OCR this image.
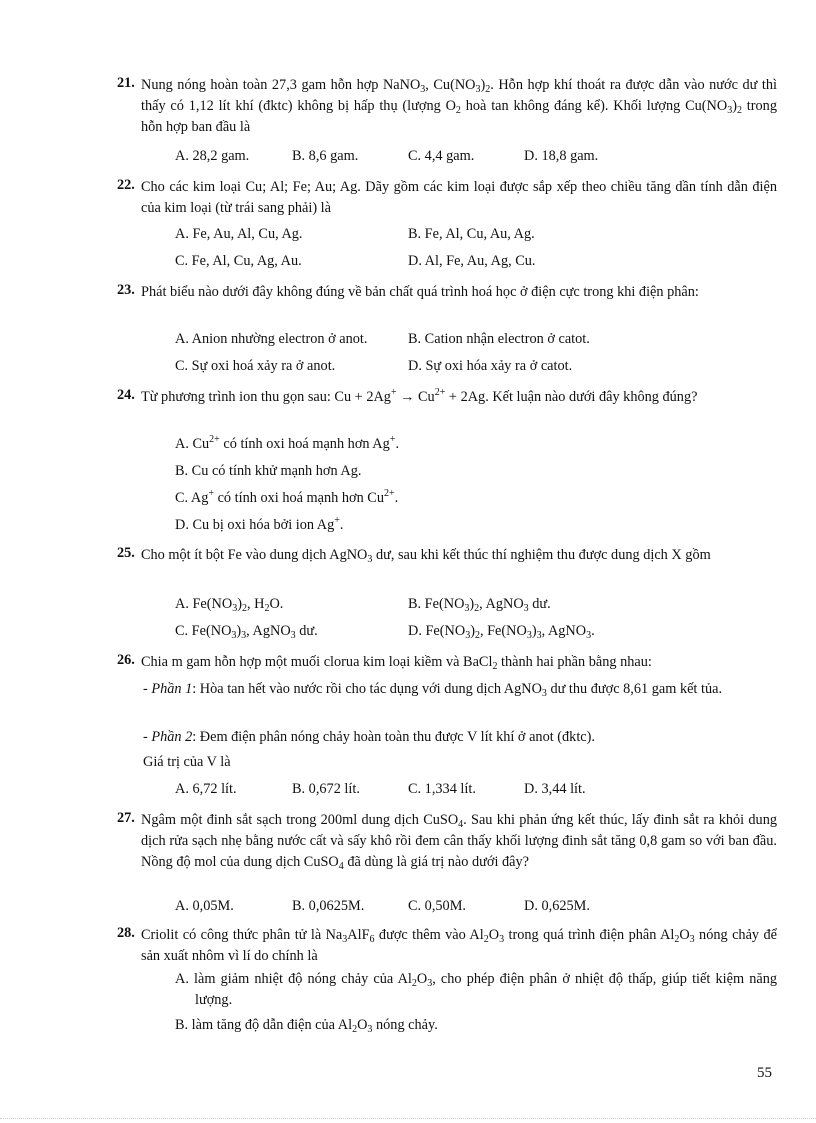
21. Nung nóng hoàn toàn 27,3 gam hỗn hợp NaNO$_3$, $Cu(NO_3)_2$. Hỗn hợp khí thoát ra được dẫn vào nước dư thì thấy có 1,12 lít khí (đktc) không bị hấp thụ (lượng $O_2$ hoà tan không đáng kể). Khối lượng $Cu(NO_3)_2$ trong hỗn hợp ban đầu là
A. 28,2 gam.	B. 8,6 gam.	C. 4,4 gam.	D. 18,8 gam.
22. Cho các kim loại Cu; Al; Fe; Au; Ag. Dãy gồm các kim loại được sắp xếp theo chiều tăng dần tính dẫn điện của kim loại (từ trái sang phải) là
A. Fe, Au, Al, Cu, Ag.	B. Fe, Al, Cu, Au, Ag.
C. Fe, Al, Cu, Ag, Au.	D. Al, Fe, Au, Ag, Cu.
23. Phát biểu nào dưới đây không đúng về bản chất quá trình hoá học ở điện cực trong khi điện phân:
A. Anion nhường electron ở anot.	B. Cation nhận electron ở catot.
C. Sự oxi hoá xảy ra ở anot.	D. Sự oxi hóa xảy ra ở catot.
24. Từ phương trình ion thu gọn sau: $Cu + 2Ag^+ \to Cu^{2+} + 2Ag$. Kết luận nào dưới đây không đúng?
A. $Cu^{2+}$ có tính oxi hoá mạnh hơn Ag+.
B. Cu có tính khử mạnh hơn Ag.
C. Ag+ có tính oxi hoá mạnh hơn $Cu^{2+}$.
D. Cu bị oxi hóa bởi ion Ag+.
25. Cho một ít bột Fe vào dung dịch AgNO$_3$ dư, sau khi kết thúc thí nghiệm thu được dung dịch X gồm
A. $Fe(NO_3)_2$, $H_2O$.	B. $Fe(NO_3)_2$, AgNO$_3$ dư.
C. $Fe(NO_3)_3$, AgNO$_3$ dư.	D. $Fe(NO_3)_2$, $Fe(NO_3)_3$, AgNO$_3$.
26. Chia m gam hỗn hợp một muối clorua kim loại kiềm và BaCl$_2$ thành hai phần bằng nhau:
- Phần 1: Hòa tan hết vào nước rồi cho tác dụng với dung dịch AgNO$_3$ dư thu được 8,61 gam kết tủa.
- Phần 2: Đem điện phân nóng chảy hoàn toàn thu được V lít khí ở anot (đktc).
Giá trị của V là
A. 6,72 lít.	B. 0,672 lít.	C. 1,334 lít.	D. 3,44 lít.
27. Ngâm một đinh sắt sạch trong 200ml dung dịch CuSO$_4$. Sau khi phản ứng kết thúc, lấy đinh sắt ra khỏi dung dịch rửa sạch nhẹ bằng nước cất và sấy khô rồi đem cân thấy khối lượng đinh sắt tăng 0,8 gam so với ban đầu. Nồng độ mol của dung dịch CuSO$_4$ đã dùng là giá trị nào dưới đây?
A. 0,05M.	B. 0,0625M.	C. 0,50M.	D. 0,625M.
28. Criolit có công thức phân tử là $Na_3AlF_6$ được thêm vào $Al_2O_3$ trong quá trình điện phân $Al_2O_3$ nóng chảy để sản xuất nhôm vì lí do chính là
A. làm giảm nhiệt độ nóng chảy của $Al_2O_3$, cho phép điện phân ở nhiệt độ thấp, giúp tiết kiệm năng lượng.
B. làm tăng độ dẫn điện của $Al_2O_3$ nóng chảy.
55
